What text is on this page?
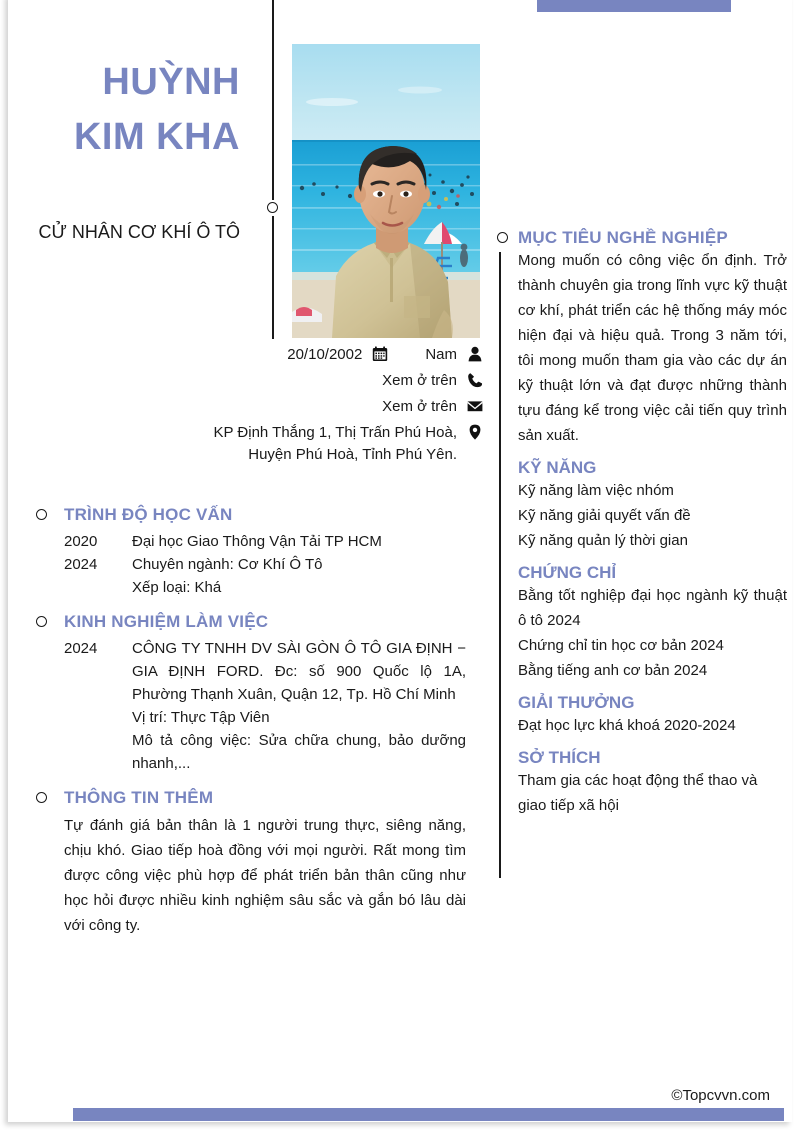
HUỲNH
KIM KHA
CỬ NHÂN CƠ KHÍ Ô TÔ
20/10/2002	Nam
Xem ở trên
Xem ở trên
KP Định Thắng 1, Thị Trấn Phú Hoà,
Huyện Phú Hoà, Tỉnh Phú Yên.
TRÌNH ĐỘ HỌC VẤN
2020
2024
Đại học Giao Thông Vận Tải TP HCM
Chuyên ngành: Cơ Khí Ô Tô
Xếp loại: Khá
KINH NGHIỆM LÀM VIỆC
2024	CÔNG TY TNHH DV SÀI GÒN Ô TÔ GIA ĐỊNH − GIA ĐỊNH FORD. Đc: số 900 Quốc lộ 1A, Phường Thạnh Xuân, Quận 12, Tp. Hồ Chí Minh
Vị trí: Thực Tập Viên
Mô tả công việc: Sửa chữa chung, bảo dưỡng nhanh,...
THÔNG TIN THÊM
Tự đánh giá bản thân là 1 người trung thực, siêng năng, chịu khó. Giao tiếp hoà đồng với mọi người. Rất mong tìm được công việc phù hợp để phát triển bản thân cũng như học hỏi được nhiều kinh nghiệm sâu sắc và gắn bó lâu dài với công ty.
MỤC TIÊU NGHỀ NGHIỆP
Mong muốn có công việc ổn định. Trở thành chuyên gia trong lĩnh vực kỹ thuật cơ khí, phát triển các hệ thống máy móc hiện đại và hiệu quả. Trong 3 năm tới, tôi mong muốn tham gia vào các dự án kỹ thuật lớn và đạt được những thành tựu đáng kể trong việc cải tiến quy trình sản xuất.
KỸ NĂNG
Kỹ năng làm việc nhóm
Kỹ năng giải quyết vấn đề
Kỹ năng quản lý thời gian
CHỨNG CHỈ
Bằng tốt nghiệp đại học ngành kỹ thuật ô tô 2024
Chứng chỉ tin học cơ bản 2024
Bằng tiếng anh cơ bản 2024
GIẢI THƯỞNG
Đạt học lực khá khoá 2020-2024
SỞ THÍCH
Tham gia các hoạt động thể thao và giao tiếp xã hội
©Topcvvn.com
